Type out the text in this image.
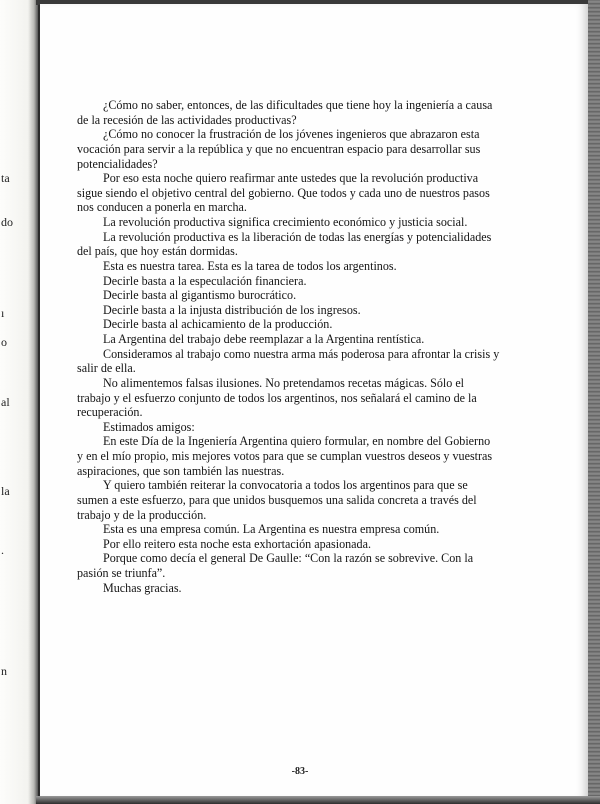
ta
do
ı
o
al
la
.
n

¿Cómo no saber, entonces, de las dificultades que tiene hoy la ingeniería a causa

de la recesión de las actividades productivas?

¿Cómo no conocer la frustración de los jóvenes ingenieros que abrazaron esta

vocación para servir a la república y que no encuentran espacio para desarrollar sus

potencialidades?

Por eso esta noche quiero reafirmar ante ustedes que la revolución productiva

sigue siendo el objetivo central del gobierno. Que todos y cada uno de nuestros pasos

nos conducen a ponerla en marcha.

La revolución productiva significa crecimiento económico y justicia social.

La revolución productiva es la liberación de todas las energías y potencialidades

del país, que hoy están dormidas.

Esta es nuestra tarea. Esta es la tarea de todos los argentinos.

Decirle basta a la especulación financiera.

Decirle basta al gigantismo burocrático.

Decirle basta a la injusta distribución de los ingresos.

Decirle basta al achicamiento de la producción.

La Argentina del trabajo debe reemplazar a la Argentina rentística.

Consideramos al trabajo como nuestra arma más poderosa para afrontar la crisis y

salir de ella.

No alimentemos falsas ilusiones. No pretendamos recetas mágicas. Sólo el

trabajo y el esfuerzo conjunto de todos los argentinos, nos señalará el camino de la

recuperación.

Estimados amigos:

En este Día de la Ingeniería Argentina quiero formular, en nombre del Gobierno

y en el mío propio, mis mejores votos para que se cumplan vuestros deseos y vuestras

aspiraciones, que son también las nuestras.

Y quiero también reiterar la convocatoria a todos los argentinos para que se

sumen a este esfuerzo, para que unidos busquemos una salida concreta a través del

trabajo y de la producción.

Esta es una empresa común. La Argentina es nuestra empresa común.

Por ello reitero esta noche esta exhortación apasionada.

Porque como decía el general De Gaulle: “Con la razón se sobrevive. Con la

pasión se triunfa”.

Muchas gracias.

-83-
